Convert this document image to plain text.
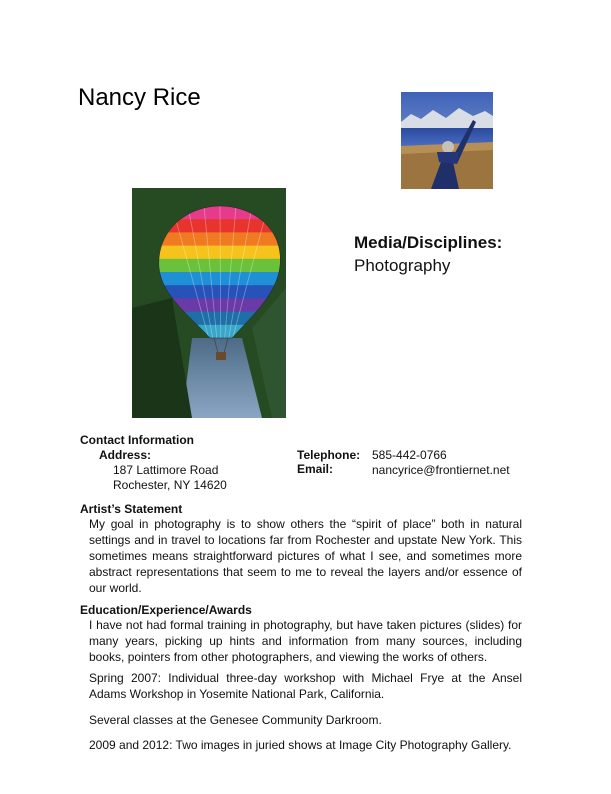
Nancy Rice
Media/Disciplines:
Photography
Contact Information
Address:
187 Lattimore Road
Rochester, NY 14620
Telephone: 585-442-0766
Email:	nancyrice@frontiernet.net
Artist’s Statement
My goal in photography is to show others the “spirit of place” both in natural settings and in travel to locations far from Rochester and upstate New York. This sometimes means straightforward pictures of what I see, and sometimes more abstract representations that seem to me to reveal the layers and/or essence of our world.
Education/Experience/Awards
I have not had formal training in photography, but have taken pictures (slides) for many years, picking up hints and information from many sources, including books, pointers from other photographers, and viewing the works of others.
Spring 2007: Individual three-day workshop with Michael Frye at the Ansel Adams Workshop in Yosemite National Park, California.
Several classes at the Genesee Community Darkroom.
2009 and 2012: Two images in juried shows at Image City Photography Gallery.
